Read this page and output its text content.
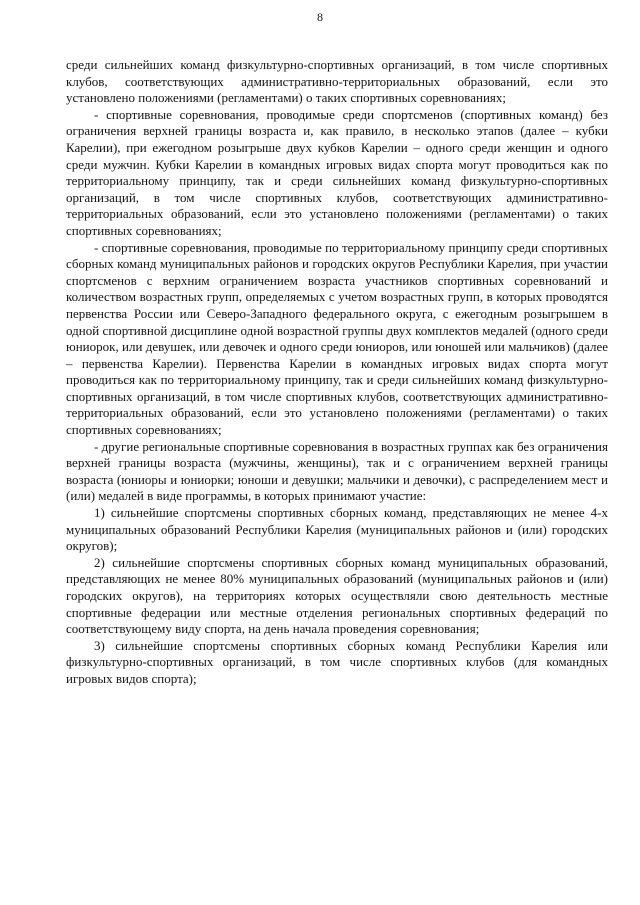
8

среди сильнейших команд физкультурно-спортивных организаций, в том числе спортивных клубов, соответствующих административно-территориальных образований, если это установлено положениями (регламентами) о таких спортивных соревнованиях;

- спортивные соревнования, проводимые среди спортсменов (спортивных команд) без ограничения верхней границы возраста и, как правило, в несколько этапов (далее – кубки Карелии), при ежегодном розыгрыше двух кубков Карелии – одного среди женщин и одного среди мужчин. Кубки Карелии в командных игровых видах спорта могут проводиться как по территориальному принципу, так и среди сильнейших команд физкультурно-спортивных организаций, в том числе спортивных клубов, соответствующих административно-территориальных образований, если это установлено положениями (регламентами) о таких спортивных соревнованиях;

- спортивные соревнования, проводимые по территориальному принципу среди спортивных сборных команд муниципальных районов и городских округов Республики Карелия, при участии спортсменов с верхним ограничением возраста участников спортивных соревнований и количеством возрастных групп, определяемых с учетом возрастных групп, в которых проводятся первенства России или Северо-Западного федерального округа, с ежегодным розыгрышем в одной спортивной дисциплине одной возрастной группы двух комплектов медалей (одного среди юниорок, или девушек, или девочек и одного среди юниоров, или юношей или мальчиков) (далее – первенства Карелии). Первенства Карелии в командных игровых видах спорта могут проводиться как по территориальному принципу, так и среди сильнейших команд физкультурно-спортивных организаций, в том числе спортивных клубов, соответствующих административно-территориальных образований, если это установлено положениями (регламентами) о таких спортивных соревнованиях;

- другие региональные спортивные соревнования в возрастных группах как без ограничения верхней границы возраста (мужчины, женщины), так и с ограничением верхней границы возраста (юниоры и юниорки; юноши и девушки; мальчики и девочки), с распределением мест и (или) медалей в виде программы, в которых принимают участие:

1) сильнейшие спортсмены спортивных сборных команд, представляющих не менее 4-х муниципальных образований Республики Карелия (муниципальных районов и (или) городских округов);

2) сильнейшие спортсмены спортивных сборных команд муниципальных образований, представляющих не менее 80% муниципальных образований (муниципальных районов и (или) городских округов), на территориях которых осуществляли свою деятельность местные спортивные федерации или местные отделения региональных спортивных федераций по соответствующему виду спорта, на день начала проведения соревнования;

3) сильнейшие спортсмены спортивных сборных команд Республики Карелия или физкультурно-спортивных организаций, в том числе спортивных клубов (для командных игровых видов спорта);
